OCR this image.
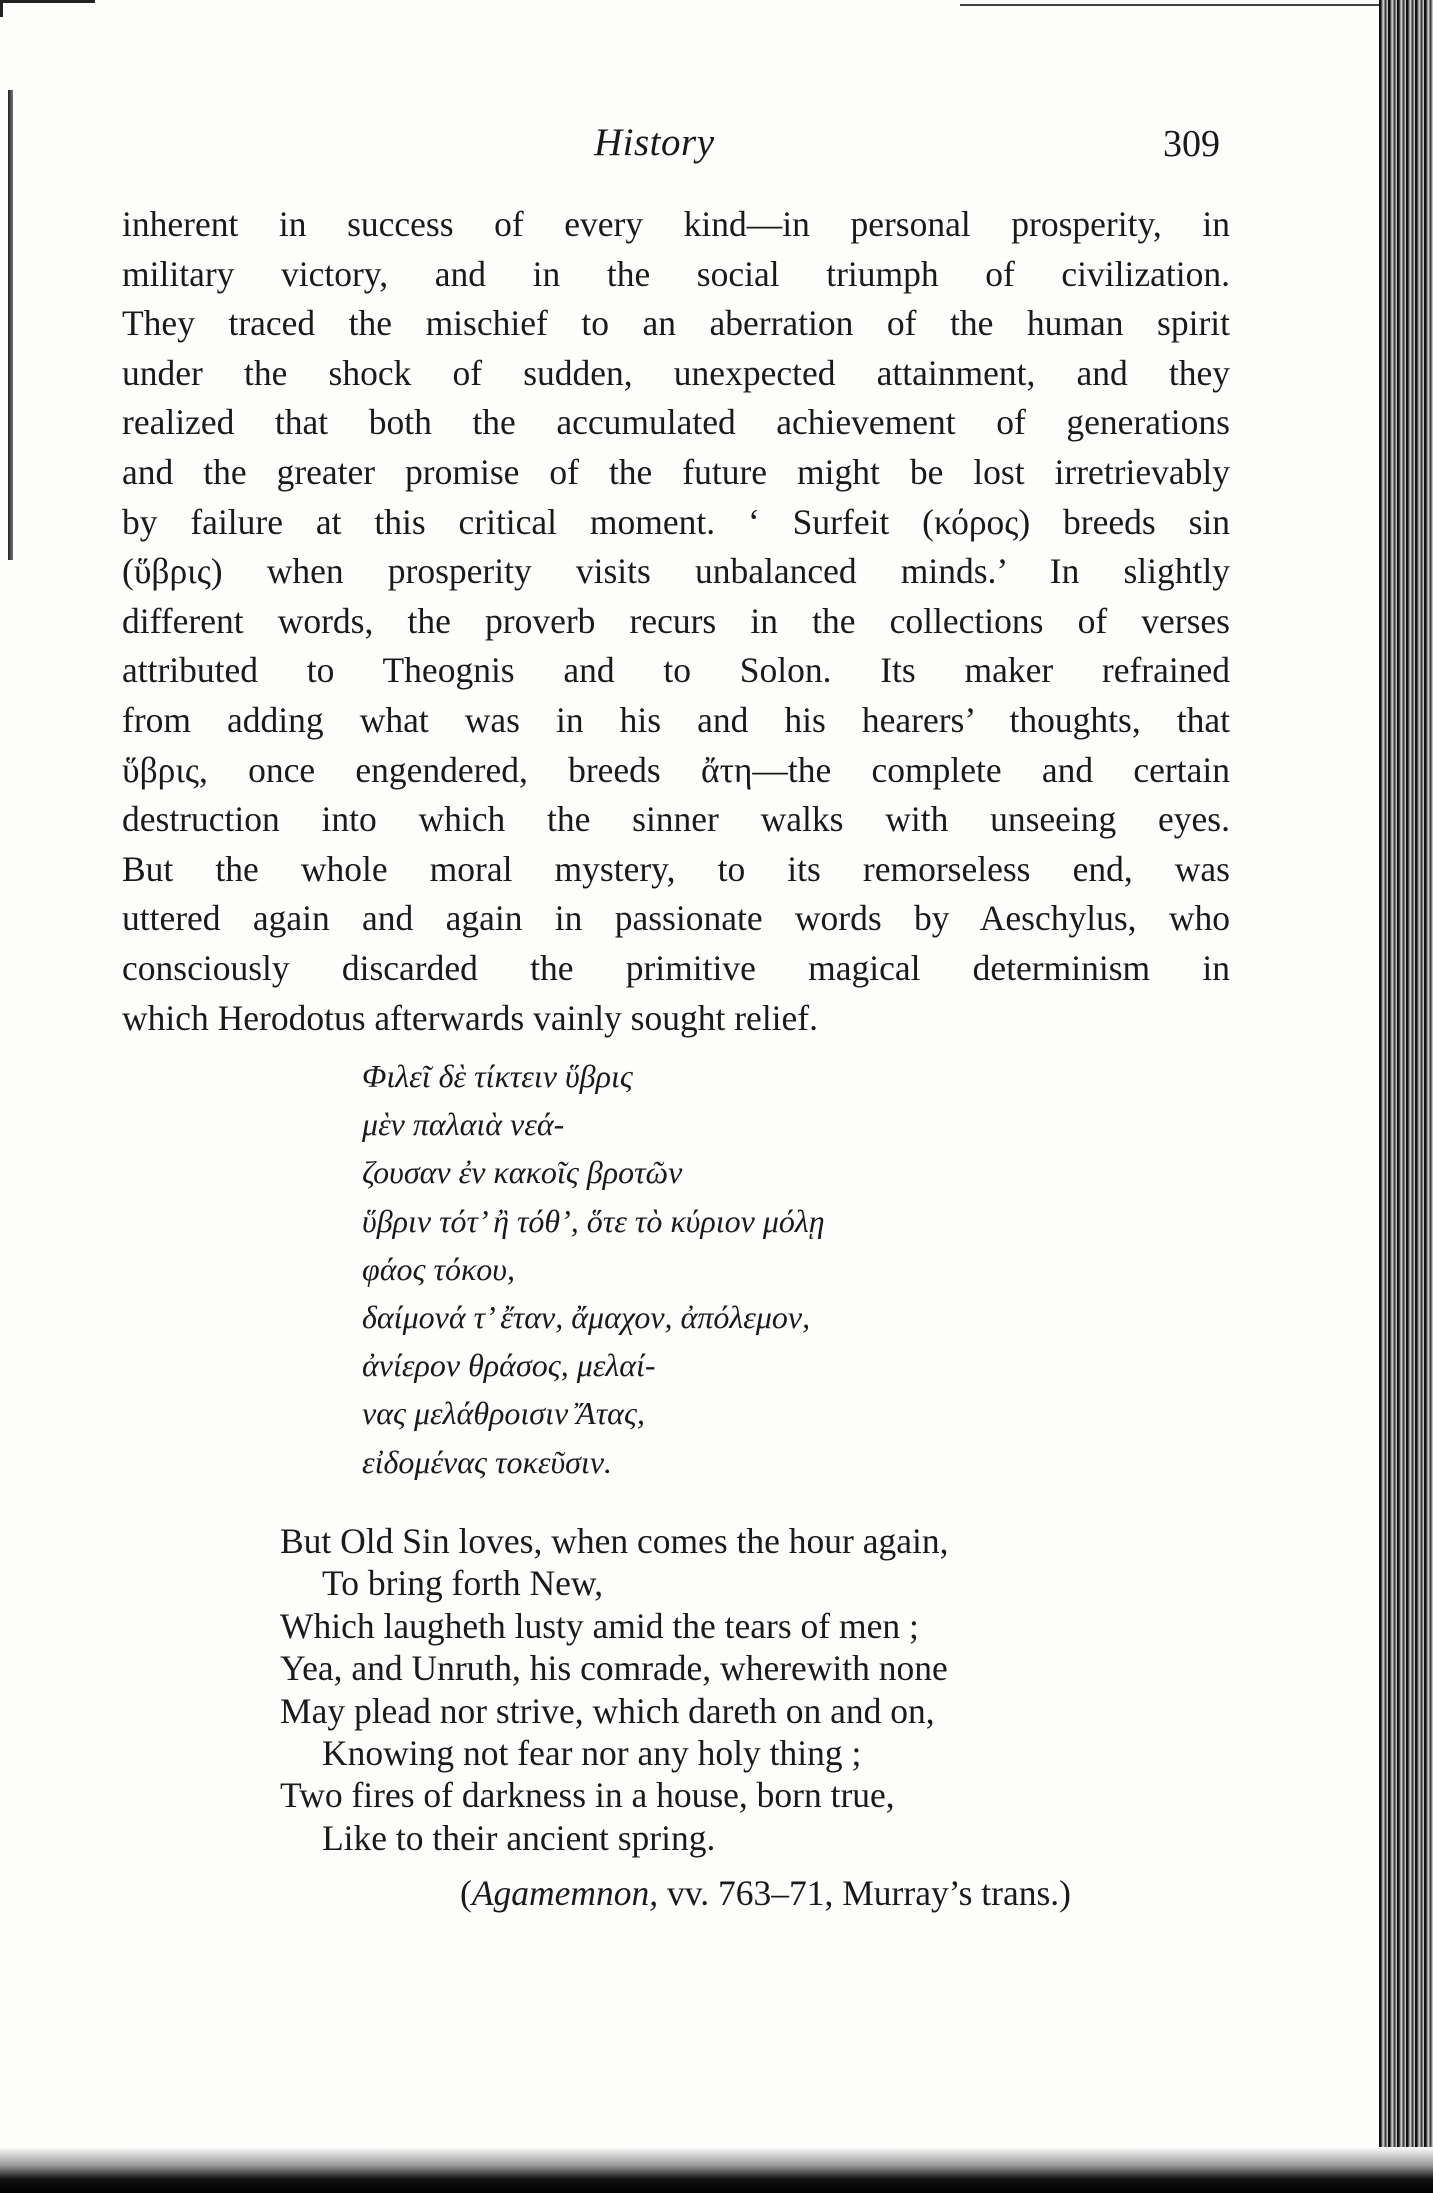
History	309
inherent in success of every kind—in personal prosperity, in
military victory, and in the social triumph of civilization.
They traced the mischief to an aberration of the human spirit
under the shock of sudden, unexpected attainment, and they
realized that both the accumulated achievement of generations
and the greater promise of the future might be lost irretrievably
by failure at this critical moment. ‘ Surfeit (κόρος) breeds sin
(ὕβρις) when prosperity visits unbalanced minds.’ In slightly
different words, the proverb recurs in the collections of verses
attributed to Theognis and to Solon. Its maker refrained
from adding what was in his and his hearers’ thoughts, that
ὕβρις, once engendered, breeds ἄτη—the complete and certain
destruction into which the sinner walks with unseeing eyes.
But the whole moral mystery, to its remorseless end, was
uttered again and again in passionate words by Aeschylus, who
consciously discarded the primitive magical determinism in
which Herodotus afterwards vainly sought relief.
Φιλεῖ δὲ τίκτειν ὕβρις
μὲν παλαιὰ νεά-
ζουσαν ἐν κακοῖς βροτῶν
ὕβριν τότ’ ἢ τόθ’, ὅτε τὸ κύριον μόλῃ
φάος τόκου,
δαίμονά τ’ ἔταν, ἄμαχον, ἀπόλεμον,
ἀνίερον θράσος, μελαί-
νας μελάθροισιν Ἄτας,
εἰδομένας τοκεῦσιν.
But Old Sin loves, when comes the hour again,
To bring forth New,
Which laugheth lusty amid the tears of men ;
Yea, and Unruth, his comrade, wherewith none
May plead nor strive, which dareth on and on,
Knowing not fear nor any holy thing ;
Two fires of darkness in a house, born true,
Like to their ancient spring.
(Agamemnon, vv. 763–71, Murray’s trans.)
